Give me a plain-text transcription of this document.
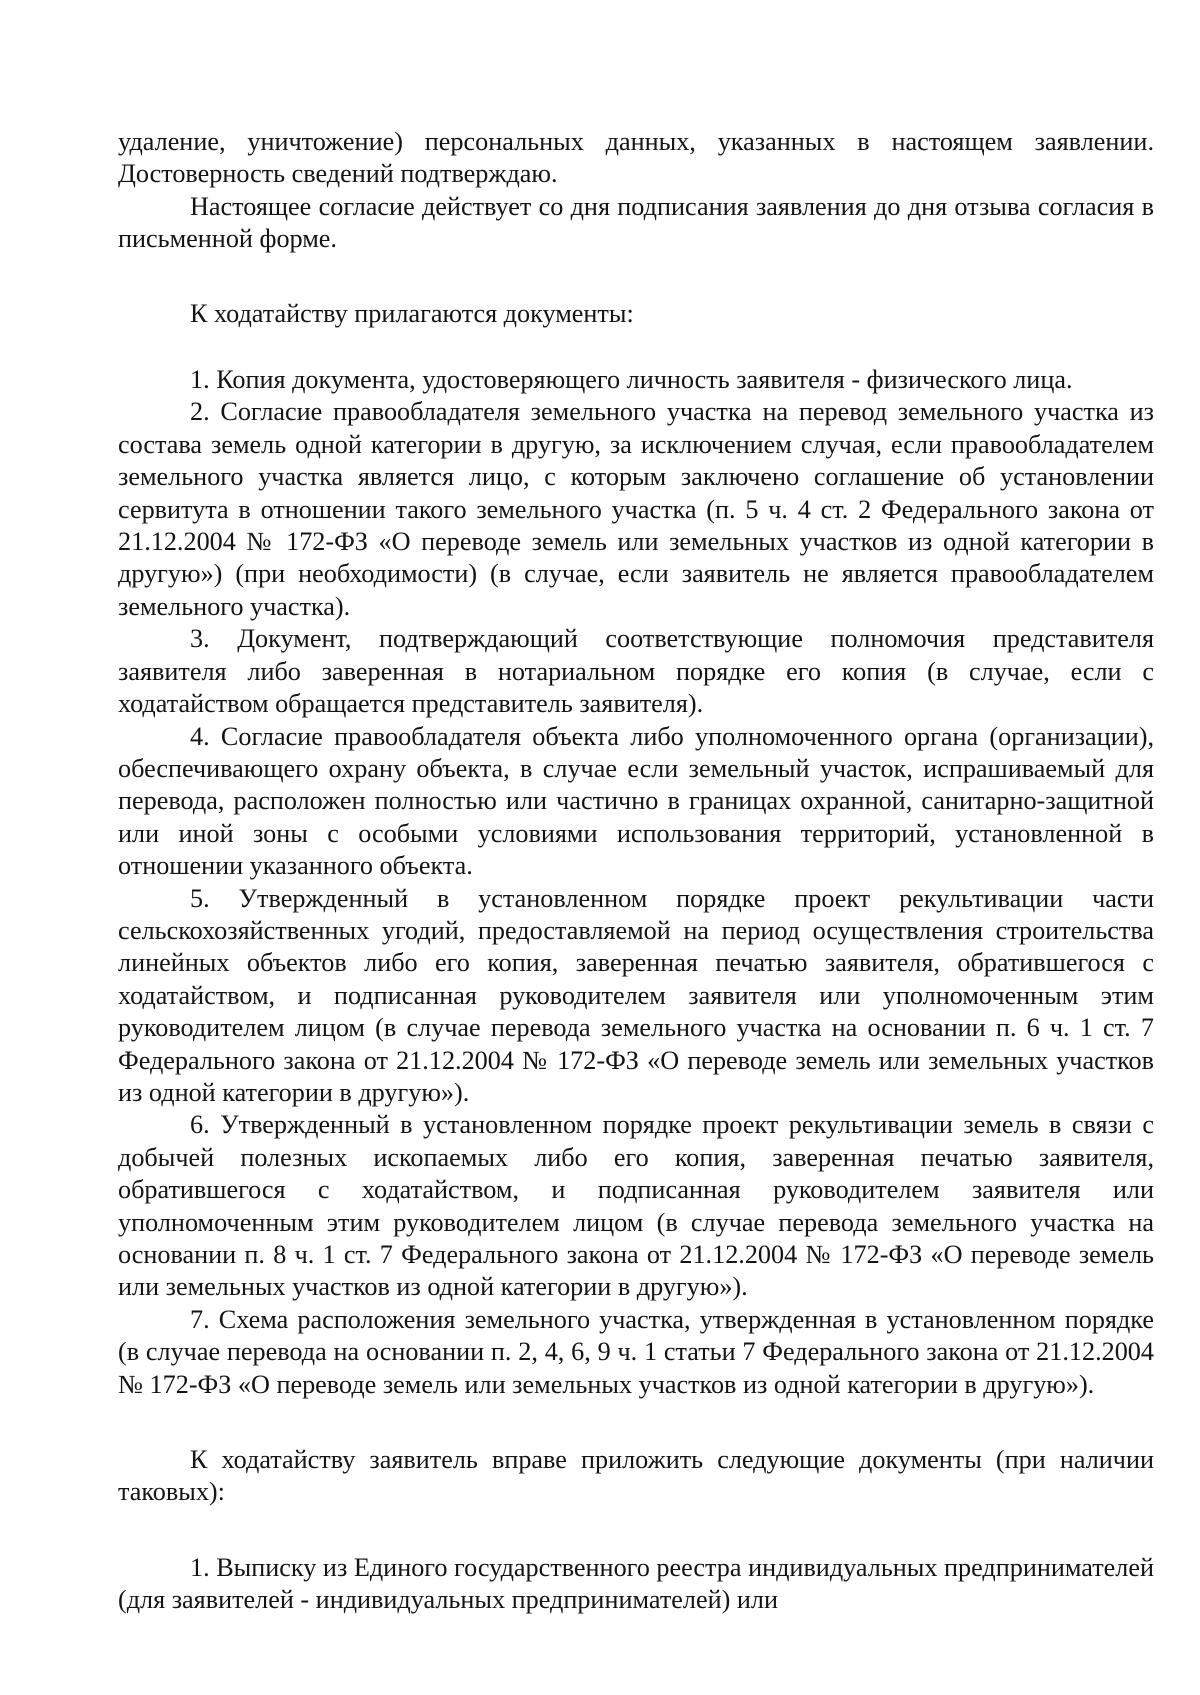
удаление, уничтожение) персональных данных, указанных в настоящем заявлении. Достоверность сведений подтверждаю.

Настоящее согласие действует со дня подписания заявления до дня отзыва согласия в письменной форме.

К ходатайству прилагаются документы:

1. Копия документа, удостоверяющего личность заявителя - физического лица.

2. Согласие правообладателя земельного участка на перевод земельного участка из состава земель одной категории в другую, за исключением случая, если правообладателем земельного участка является лицо, с которым заключено соглашение об установлении сервитута в отношении такого земельного участка (п. 5 ч. 4 ст. 2 Федерального закона от 21.12.2004 № 172-ФЗ «О переводе земель или земельных участков из одной категории в другую») (при необходимости) (в случае, если заявитель не является правообладателем земельного участка).

3. Документ, подтверждающий соответствующие полномочия представителя заявителя либо заверенная в нотариальном порядке его копия (в случае, если с ходатайством обращается представитель заявителя).

4. Согласие правообладателя объекта либо уполномоченного органа (организации), обеспечивающего охрану объекта, в случае если земельный участок, испрашиваемый для перевода, расположен полностью или частично в границах охранной, санитарно-защитной или иной зоны с особыми условиями использования территорий, установленной в отношении указанного объекта.

5. Утвержденный в установленном порядке проект рекультивации части сельскохозяйственных угодий, предоставляемой на период осуществления строительства линейных объектов либо его копия, заверенная печатью заявителя, обратившегося с ходатайством, и подписанная руководителем заявителя или уполномоченным этим руководителем лицом (в случае перевода земельного участка на основании п. 6 ч. 1 ст. 7 Федерального закона от 21.12.2004 № 172-ФЗ «О переводе земель или земельных участков из одной категории в другую»).

6. Утвержденный в установленном порядке проект рекультивации земель в связи с добычей полезных ископаемых либо его копия, заверенная печатью заявителя, обратившегося с ходатайством, и подписанная руководителем заявителя или уполномоченным этим руководителем лицом (в случае перевода земельного участка на основании п. 8 ч. 1 ст. 7 Федерального закона от 21.12.2004 № 172-ФЗ «О переводе земель или земельных участков из одной категории в другую»).

7. Схема расположения земельного участка, утвержденная в установленном порядке (в случае перевода на основании п. 2, 4, 6, 9 ч. 1 статьи 7 Федерального закона от 21.12.2004 № 172-ФЗ «О переводе земель или земельных участков из одной категории в другую»).

К ходатайству заявитель вправе приложить следующие документы (при наличии таковых):

1. Выписку из Единого государственного реестра индивидуальных предпринимателей (для заявителей - индивидуальных предпринимателей) или
